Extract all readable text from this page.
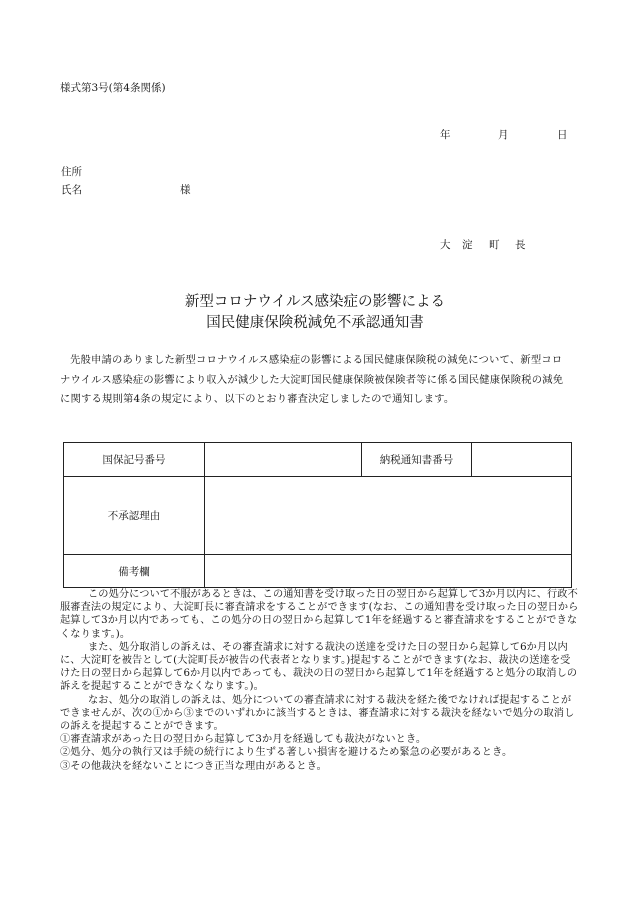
様式第3号(第4条関係)
年	月	日
住所
氏名	様
大 淀 町 長
新型コロナウイルス感染症の影響による
国民健康保険税減免不承認通知書
先般申請のありました新型コロナウイルス感染症の影響による国民健康保険税の減免について、新型コロナウイルス感染症の影響により収入が減少した大淀町国民健康保険被保険者等に係る国民健康保険税の減免に関する規則第4条の規定により、以下のとおり審査決定しましたので通知します。
国保記号番号		納税通知書番号	
不承認理由			
備考欄			

この処分について不服があるときは、この通知書を受け取った日の翌日から起算して3か月以内に、行政不服審査法の規定により、大淀町長に審査請求をすることができます(なお、この通知書を受け取った日の翌日から起算して3か月以内であっても、この処分の日の翌日から起算して1年を経過すると審査請求をすることができなくなります。)。

また、処分取消しの訴えは、その審査請求に対する裁決の送達を受けた日の翌日から起算して6か月以内に、大淀町を被告として(大淀町長が被告の代表者となります。)提起することができます(なお、裁決の送達を受けた日の翌日から起算して6か月以内であっても、裁決の日の翌日から起算して1年を経過すると処分の取消しの訴えを提起することができなくなります。)。

なお、処分の取消しの訴えは、処分についての審査請求に対する裁決を経た後でなければ提起することができませんが、次の①から③までのいずれかに該当するときは、審査請求に対する裁決を経ないで処分の取消しの訴えを提起することができます。

①審査請求があった日の翌日から起算して3か月を経過しても裁決がないとき。

②処分、処分の執行又は手続の続行により生ずる著しい損害を避けるため緊急の必要があるとき。

③その他裁決を経ないことにつき正当な理由があるとき。
